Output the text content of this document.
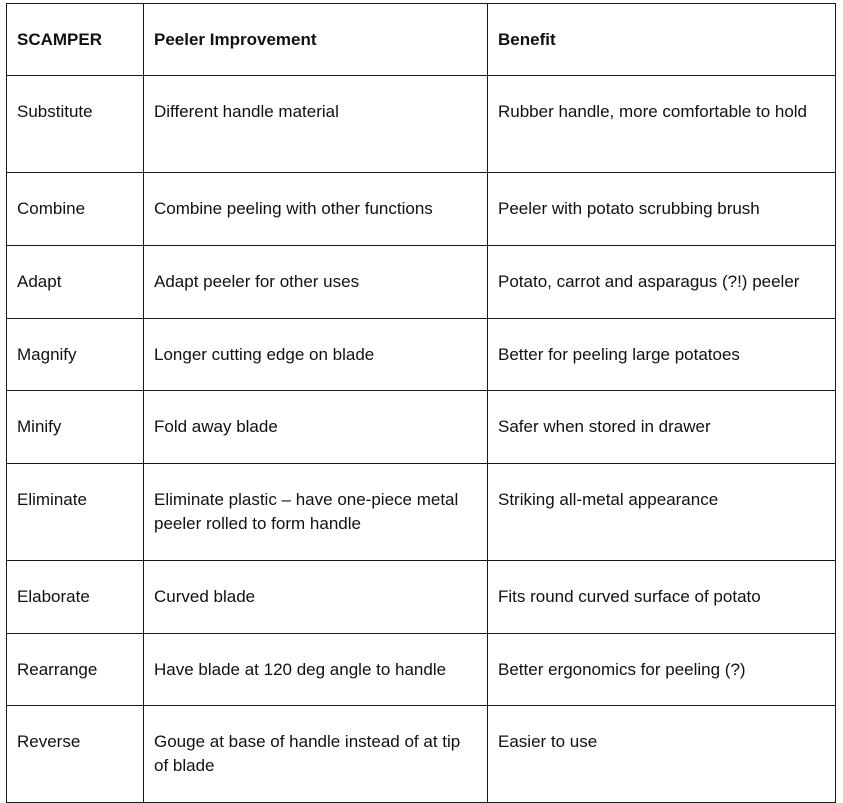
SCAMPER	Peeler Improvement	Benefit
Substitute	Different handle material	Rubber handle, more comfortable to hold
Combine	Combine peeling with other functions	Peeler with potato scrubbing brush
Adapt	Adapt peeler for other uses	Potato, carrot and asparagus (?!) peeler
Magnify	Longer cutting edge on blade	Better for peeling large potatoes
Minify	Fold away blade	Safer when stored in drawer
Eliminate	Eliminate plastic – have one-piece metal peeler rolled to form handle	Striking all-metal appearance
Elaborate	Curved blade	Fits round curved surface of potato
Rearrange	Have blade at 120 deg angle to handle	Better ergonomics for peeling (?)
Reverse	Gouge at base of handle instead of at tip of blade	Easier to use
